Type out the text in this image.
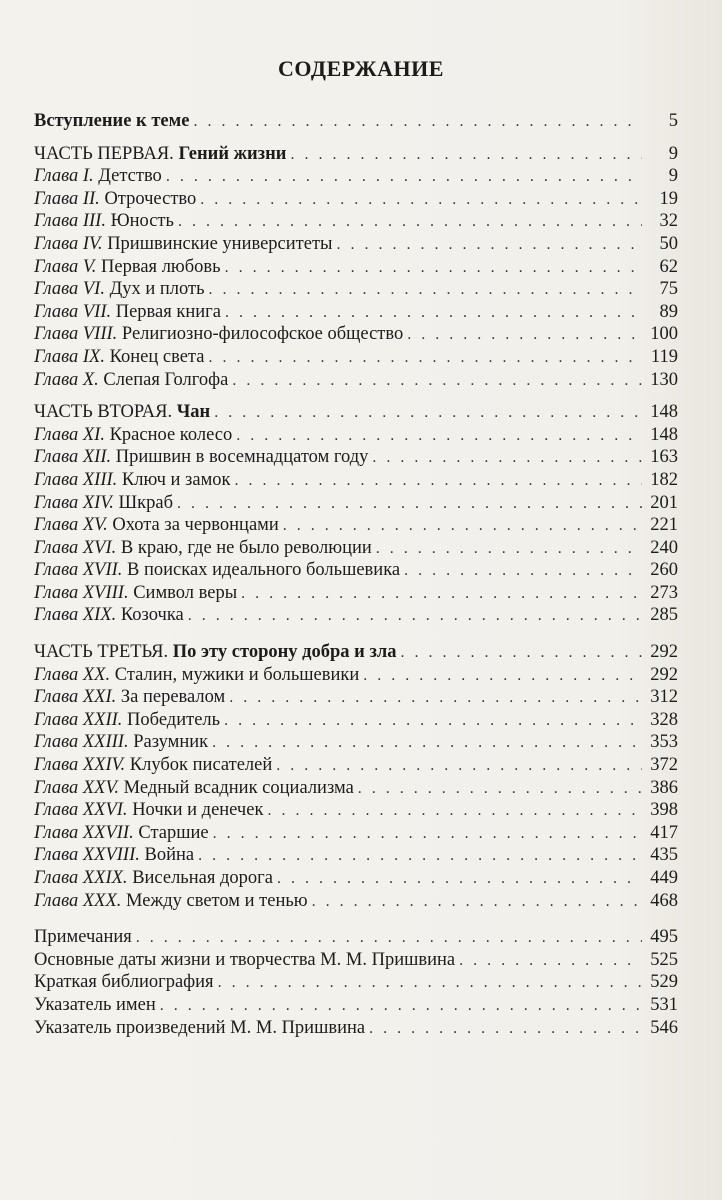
СОДЕРЖАНИЕ
Вступление к теме . . .	5
ЧАСТЬ ПЕРВАЯ. Гений жизни . . .	9
Глава I. Детство . . .	9
Глава II. Отрочество . . .	19
Глава III. Юность . . .	32
Глава IV. Пришвинские университеты . . .	50
Глава V. Первая любовь . . .	62
Глава VI. Дух и плоть . . .	75
Глава VII. Первая книга . . .	89
Глава VIII. Религиозно-философское общество . . .	100
Глава IX. Конец света . . .	119
Глава X. Слепая Голгофа . . .	130
ЧАСТЬ ВТОРАЯ. Чан . . .	148
Глава XI. Красное колесо . . .	148
Глава XII. Пришвин в восемнадцатом году . . .	163
Глава XIII. Ключ и замок . . .	182
Глава XIV. Шкраб . . .	201
Глава XV. Охота за червонцами . . .	221
Глава XVI. В краю, где не было революции . . .	240
Глава XVII. В поисках идеального большевика . . .	260
Глава XVIII. Символ веры . . .	273
Глава XIX. Козочка . . .	285
ЧАСТЬ ТРЕТЬЯ. По эту сторону добра и зла . . .	292
Глава XX. Сталин, мужики и большевики . . .	292
Глава XXI. За перевалом . . .	312
Глава XXII. Победитель . . .	328
Глава XXIII. Разумник . . .	353
Глава XXIV. Клубок писателей . . .	372
Глава XXV. Медный всадник социализма . . .	386
Глава XXVI. Ночки и денечек . . .	398
Глава XXVII. Старшие . . .	417
Глава XXVIII. Война . . .	435
Глава XXIX. Висельная дорога . . .	449
Глава XXX. Между светом и тенью . . .	468
Примечания . . .	495
Основные даты жизни и творчества М. М. Пришвина . . .	525
Краткая библиография . . .	529
Указатель имен . . .	531
Указатель произведений М. М. Пришвина . . .	546
